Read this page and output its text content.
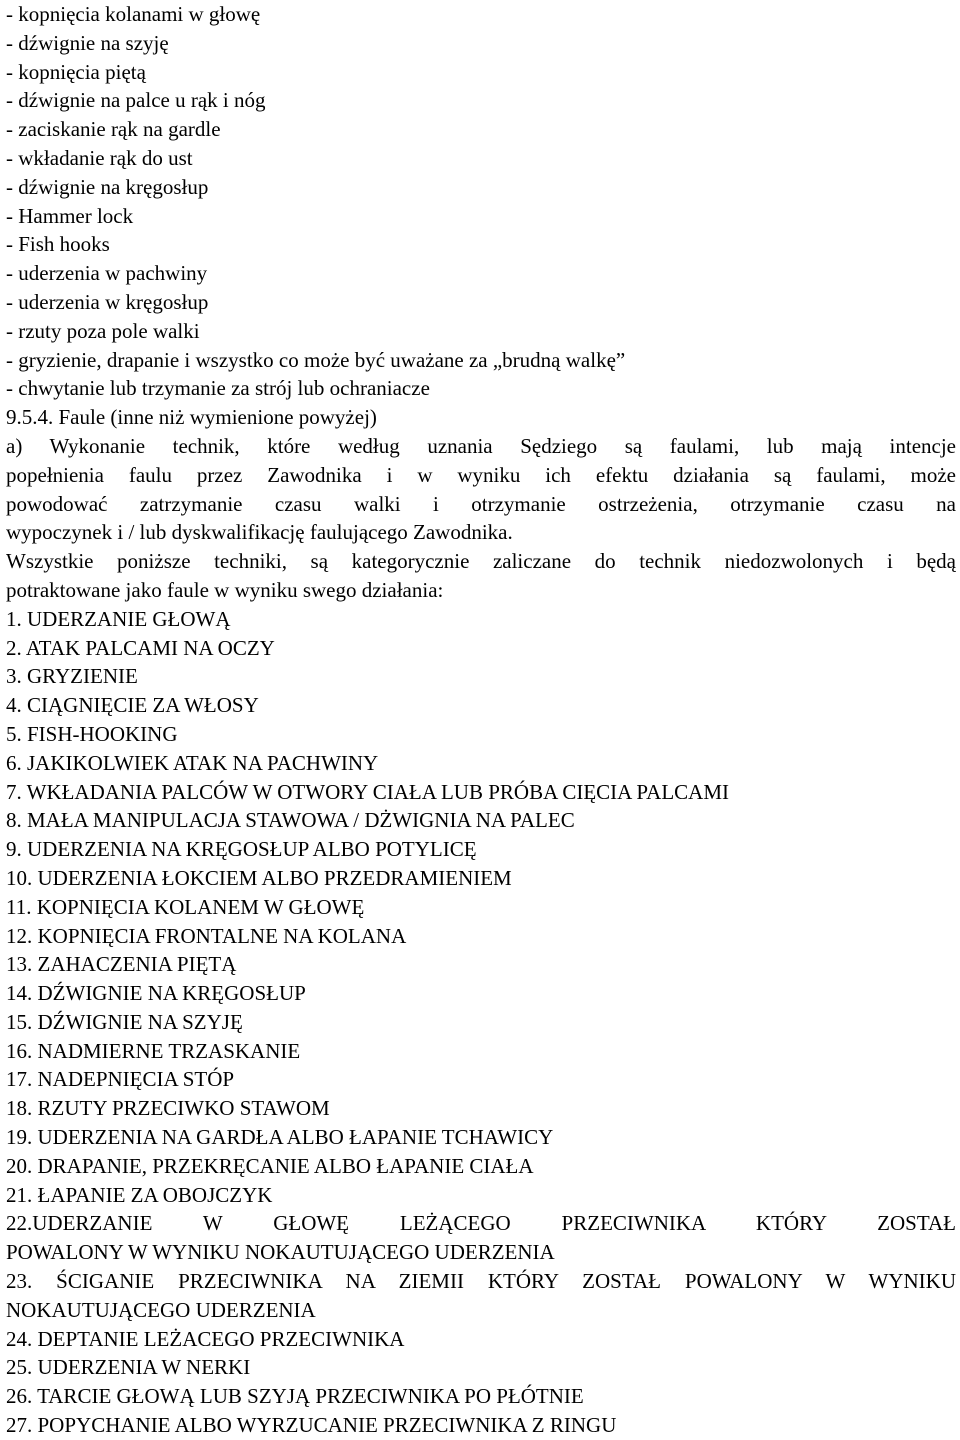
- kopnięcia kolanami w głowę
- dźwignie na szyję
- kopnięcia piętą
- dźwignie na palce u rąk i nóg
- zaciskanie rąk na gardle
- wkładanie rąk do ust
- dźwignie na kręgosłup
- Hammer lock
- Fish hooks
- uderzenia w pachwiny
- uderzenia w kręgosłup
- rzuty poza pole walki
- gryzienie, drapanie i wszystko co może być uważane za „brudną walkę”
- chwytanie lub trzymanie za strój lub ochraniacze
9.5.4. Faule (inne niż wymienione powyżej)
a) Wykonanie technik, które według uznania Sędziego są faulami, lub mają intencje
popełnienia faulu przez Zawodnika i w wyniku ich efektu działania są faulami, może
powodować zatrzymanie czasu walki i otrzymanie ostrzeżenia, otrzymanie czasu na
wypoczynek i / lub dyskwalifikację faulującego Zawodnika.
Wszystkie poniższe techniki, są kategorycznie zaliczane do technik niedozwolonych i będą
potraktowane jako faule w wyniku swego działania:
1. UDERZANIE GŁOWĄ
2. ATAK PALCAMI NA OCZY
3. GRYZIENIE
4. CIĄGNIĘCIE ZA WŁOSY
5. FISH-HOOKING
6. JAKIKOLWIEK ATAK NA PACHWINY
7. WKŁADANIA PALCÓW W OTWORY CIAŁA LUB PRÓBA CIĘCIA PALCAMI
8. MAŁA MANIPULACJA STAWOWA / DŻWIGNIA NA PALEC
9. UDERZENIA NA KRĘGOSŁUP ALBO POTYLICĘ
10. UDERZENIA ŁOKCIEM ALBO PRZEDRAMIENIEM
11. KOPNIĘCIA KOLANEM W GŁOWĘ
12. KOPNIĘCIA FRONTALNE NA KOLANA
13. ZAHACZENIA PIĘTĄ
14. DŹWIGNIE NA KRĘGOSŁUP
15. DŹWIGNIE NA SZYJĘ
16. NADMIERNE TRZASKANIE
17. NADEPNIĘCIA STÓP
18. RZUTY PRZECIWKO STAWOM
19. UDERZENIA NA GARDŁA ALBO ŁAPANIE TCHAWICY
20. DRAPANIE, PRZEKRĘCANIE ALBO ŁAPANIE CIAŁA
21. ŁAPANIE ZA OBOJCZYK
22.UDERZANIE W GŁOWĘ LEŻĄCEGO PRZECIWNIKA KTÓRY ZOSTAŁ
POWALONY W WYNIKU NOKAUTUJĄCEGO UDERZENIA
23. ŚCIGANIE PRZECIWNIKA NA ZIEMII KTÓRY ZOSTAŁ POWALONY W WYNIKU
NOKAUTUJĄCEGO UDERZENIA
24. DEPTANIE LEŻACEGO PRZECIWNIKA
25. UDERZENIA W NERKI
26. TARCIE GŁOWĄ LUB SZYJĄ PRZECIWNIKA PO PŁÓTNIE
27. POPYCHANIE ALBO WYRZUCANIE PRZECIWNIKA Z RINGU
